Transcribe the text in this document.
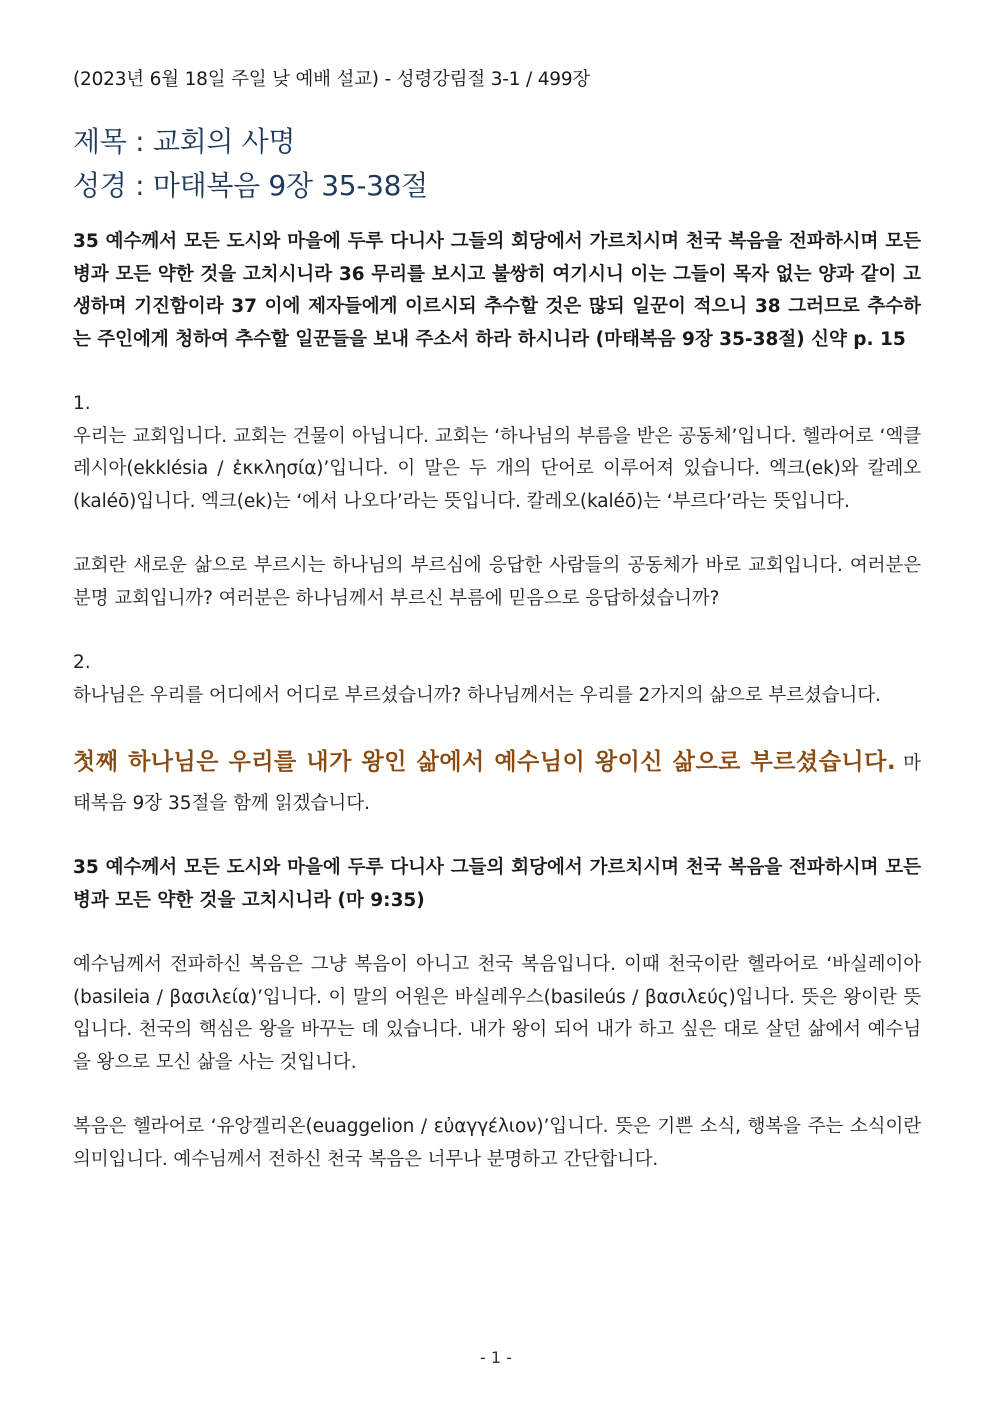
(2023년 6월 18일 주일 낮 예배 설교) - 성령강림절 3-1 / 499장

제목 : 교회의 사명

성경 : 마태복음 9장 35-38절

35 예수께서 모든 도시와 마을에 두루 다니사 그들의 회당에서 가르치시며 천국 복음을 전파하시며 모든 병과 모든 약한 것을 고치시니라 36 무리를 보시고 불쌍히 여기시니 이는 그들이 목자 없는 양과 같이 고생하며 기진함이라 37 이에 제자들에게 이르시되 추수할 것은 많되 일꾼이 적으니 38 그러므로 추수하는 주인에게 청하여 추수할 일꾼들을 보내 주소서 하라 하시니라 (마태복음 9장 35-38절) 신약 p. 15

1.

우리는 교회입니다. 교회는 건물이 아닙니다. 교회는 ‘하나님의 부름을 받은 공동체’입니다. 헬라어로 ‘엑클레시아(ekklésia / ἐκκλησία)’입니다. 이 말은 두 개의 단어로 이루어져 있습니다. 엑크(ek)와 칼레오(kaléō)입니다. 엑크(ek)는 ‘에서 나오다’라는 뜻입니다. 칼레오(kaléō)는 ‘부르다’라는 뜻입니다.

교회란 새로운 삶으로 부르시는 하나님의 부르심에 응답한 사람들의 공동체가 바로 교회입니다. 여러분은 분명 교회입니까? 여러분은 하나님께서 부르신 부름에 믿음으로 응답하셨습니까?

2.

하나님은 우리를 어디에서 어디로 부르셨습니까? 하나님께서는 우리를 2가지의 삶으로 부르셨습니다.

첫째 하나님은 우리를 내가 왕인 삶에서 예수님이 왕이신 삶으로 부르셨습니다. 마태복음 9장 35절을 함께 읽겠습니다.

35 예수께서 모든 도시와 마을에 두루 다니사 그들의 회당에서 가르치시며 천국 복음을 전파하시며 모든 병과 모든 약한 것을 고치시니라 (마 9:35)

예수님께서 전파하신 복음은 그냥 복음이 아니고 천국 복음입니다. 이때 천국이란 헬라어로 ‘바실레이아(basileia / βασιλεία)’입니다. 이 말의 어원은 바실레우스(basileús / βασιλεύς)입니다. 뜻은 왕이란 뜻입니다. 천국의 핵심은 왕을 바꾸는 데 있습니다. 내가 왕이 되어 내가 하고 싶은 대로 살던 삶에서 예수님을 왕으로 모신 삶을 사는 것입니다.

복음은 헬라어로 ‘유앙겔리온(euaggelion / εὐαγγέλιον)’입니다. 뜻은 기쁜 소식, 행복을 주는 소식이란 의미입니다. 예수님께서 전하신 천국 복음은 너무나 분명하고 간단합니다.

- 1 -
